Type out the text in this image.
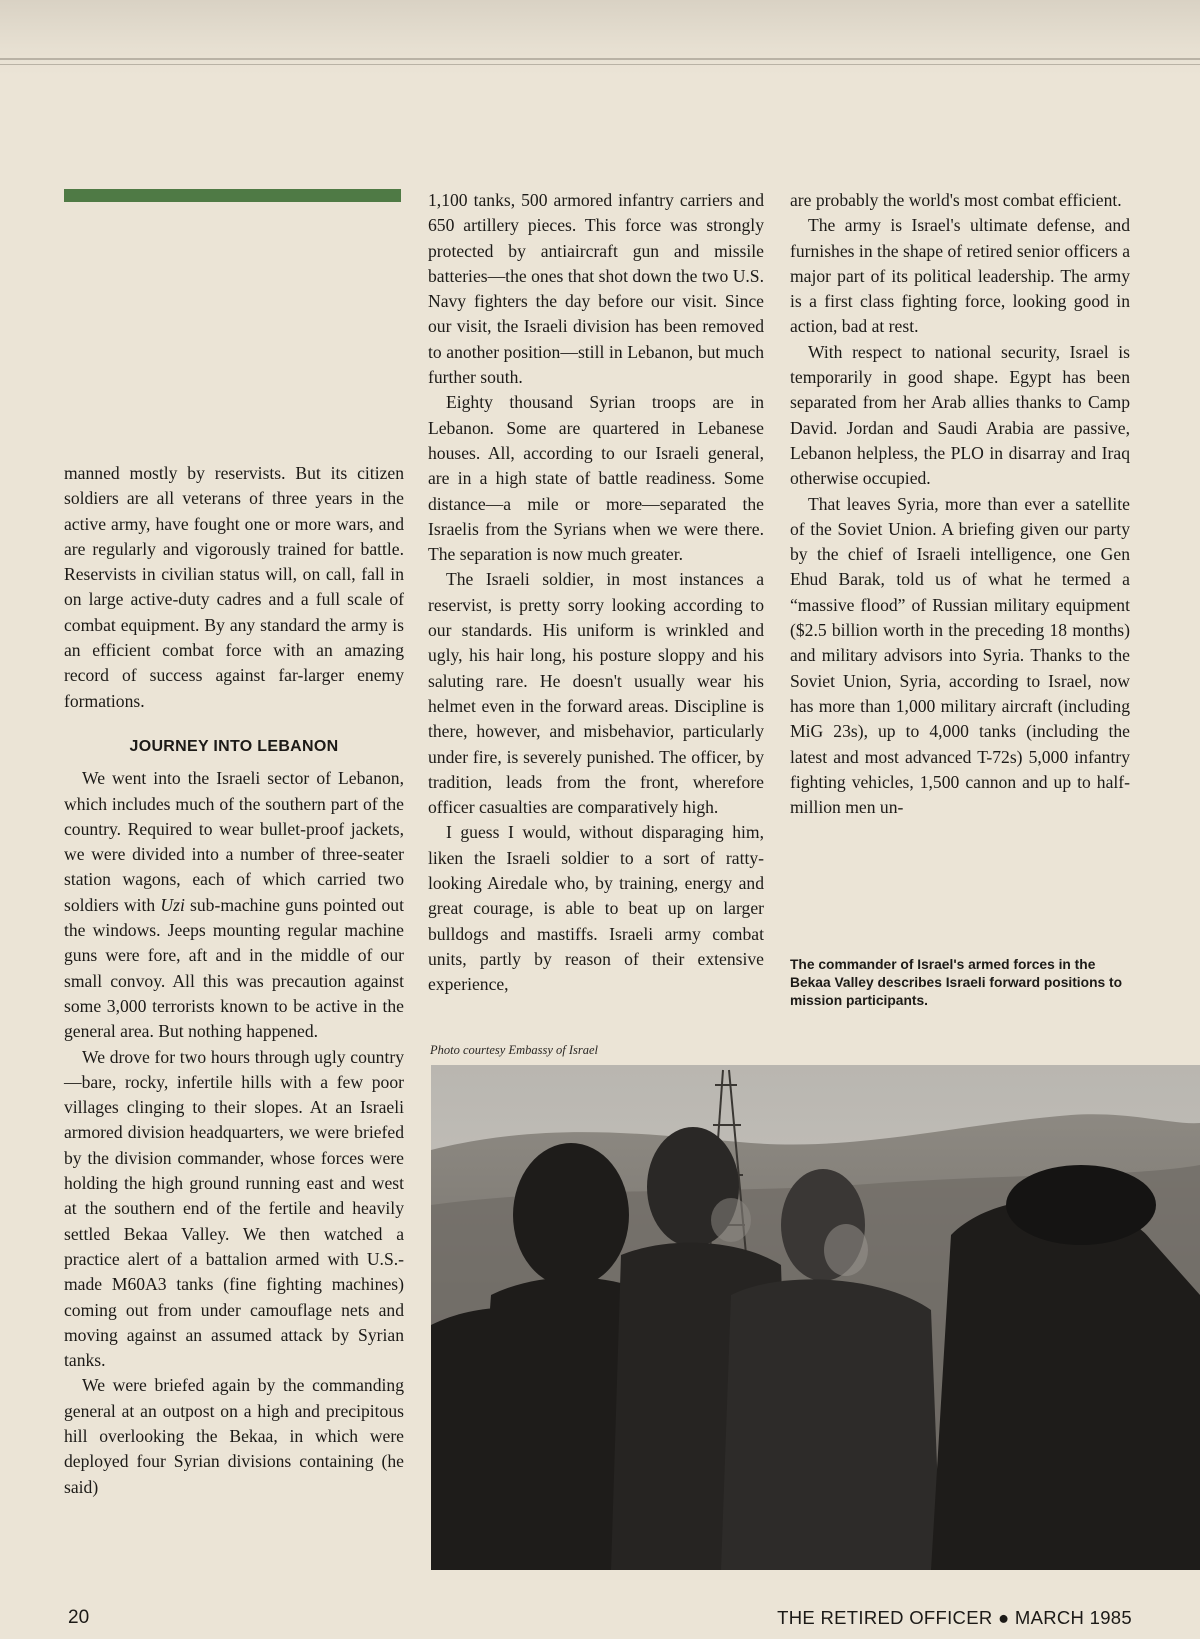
manned mostly by reservists. But its citizen soldiers are all veterans of three years in the active army, have fought one or more wars, and are regularly and vigorously trained for battle. Reservists in civilian status will, on call, fall in on large active-duty cadres and a full scale of combat equipment. By any standard the army is an efficient combat force with an amazing record of success against far-larger enemy formations.

JOURNEY INTO LEBANON

We went into the Israeli sector of Lebanon, which includes much of the southern part of the country. Required to wear bullet-proof jackets, we were divided into a number of three-seater station wagons, each of which carried two soldiers with Uzi sub-machine guns pointed out the windows. Jeeps mounting regular machine guns were fore, aft and in the middle of our small convoy. All this was precaution against some 3,000 terrorists known to be active in the general area. But nothing happened.

We drove for two hours through ugly country—bare, rocky, infertile hills with a few poor villages clinging to their slopes. At an Israeli armored division headquarters, we were briefed by the division commander, whose forces were holding the high ground running east and west at the southern end of the fertile and heavily settled Bekaa Valley. We then watched a practice alert of a battalion armed with U.S.-made M60A3 tanks (fine fighting machines) coming out from under camouflage nets and moving against an assumed attack by Syrian tanks.

We were briefed again by the commanding general at an outpost on a high and precipitous hill overlooking the Bekaa, in which were deployed four Syrian divisions containing (he said)

1,100 tanks, 500 armored infantry carriers and 650 artillery pieces. This force was strongly protected by antiaircraft gun and missile batteries—the ones that shot down the two U.S. Navy fighters the day before our visit. Since our visit, the Israeli division has been removed to another position—still in Lebanon, but much further south.

Eighty thousand Syrian troops are in Lebanon. Some are quartered in Lebanese houses. All, according to our Israeli general, are in a high state of battle readiness. Some distance—a mile or more—separated the Israelis from the Syrians when we were there. The separation is now much greater.

The Israeli soldier, in most instances a reservist, is pretty sorry looking according to our standards. His uniform is wrinkled and ugly, his hair long, his posture sloppy and his saluting rare. He doesn't usually wear his helmet even in the forward areas. Discipline is there, however, and misbehavior, particularly under fire, is severely punished. The officer, by tradition, leads from the front, wherefore officer casualties are comparatively high.

I guess I would, without disparaging him, liken the Israeli soldier to a sort of ratty-looking Airedale who, by training, energy and great courage, is able to beat up on larger bulldogs and mastiffs. Israeli army combat units, partly by reason of their extensive experience,

are probably the world's most combat efficient.

The army is Israel's ultimate defense, and furnishes in the shape of retired senior officers a major part of its political leadership. The army is a first class fighting force, looking good in action, bad at rest.

With respect to national security, Israel is temporarily in good shape. Egypt has been separated from her Arab allies thanks to Camp David. Jordan and Saudi Arabia are passive, Lebanon helpless, the PLO in disarray and Iraq otherwise occupied.

That leaves Syria, more than ever a satellite of the Soviet Union. A briefing given our party by the chief of Israeli intelligence, one Gen Ehud Barak, told us of what he termed a “massive flood” of Russian military equipment ($2.5 billion worth in the preceding 18 months) and military advisors into Syria. Thanks to the Soviet Union, Syria, according to Israel, now has more than 1,000 military aircraft (including MiG 23s), up to 4,000 tanks (including the latest and most advanced T-72s) 5,000 infantry fighting vehicles, 1,500 cannon and up to half-million men un-

The commander of Israel's armed forces in the Bekaa Valley describes Israeli forward positions to mission participants.
Photo courtesy Embassy of Israel
20	THE RETIRED OFFICER ● MARCH 1985
